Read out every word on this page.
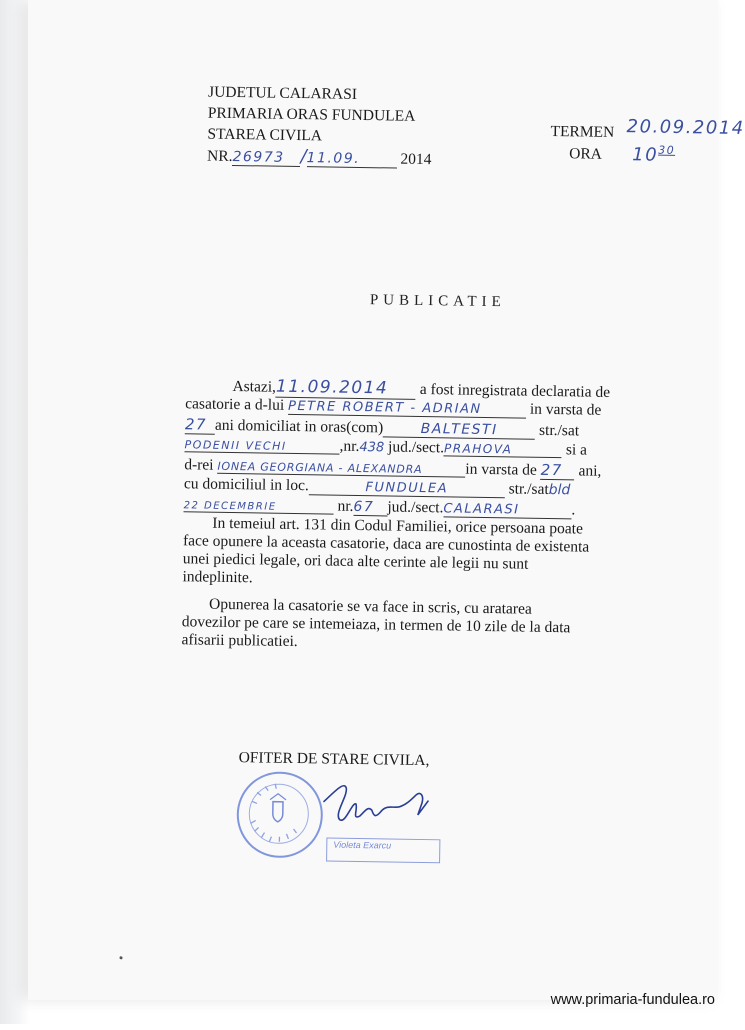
JUDETUL CALARASI
PRIMARIA ORAS FUNDULEA
STAREA CIVILA
NR.26973 /11.09.	2014
TERMEN 20.09.2014
ORA $10^{30}$
PUBLICATIE
Astazi,11.09.2014 a fost inregistrata declaratia de
casatorie a d-lui PETRE ROBERT - ADRIAN	in varsta de
27 ani domiciliat in oras(com)	BALTESTI	str./sat
PODENII VECHI	,nr.438 jud./sect.PRAHOVA	si a
d-rei IONEA GEORGIANA - ALEXANDRA	in varsta de 27 ani,
cu domiciliul in loc.	FUNDULEA	str./satbld
22 DECEMBRIE	nr.67 jud./sect.CALARASI	.
In temeiul art. 131 din Codul Familiei, orice persoana poate
face opunere la aceasta casatorie, daca are cunostinta de existenta
unei piedici legale, ori daca alte cerinte ale legii nu sunt
indeplinite.
Opunerea la casatorie se va face in scris, cu aratarea
dovezilor pe care se intemeiaza, in termen de 10 zile de la data
afisarii publicatiei.
OFITER DE STARE CIVILA,
Violeta Exarcu
www.primaria-fundulea.ro
